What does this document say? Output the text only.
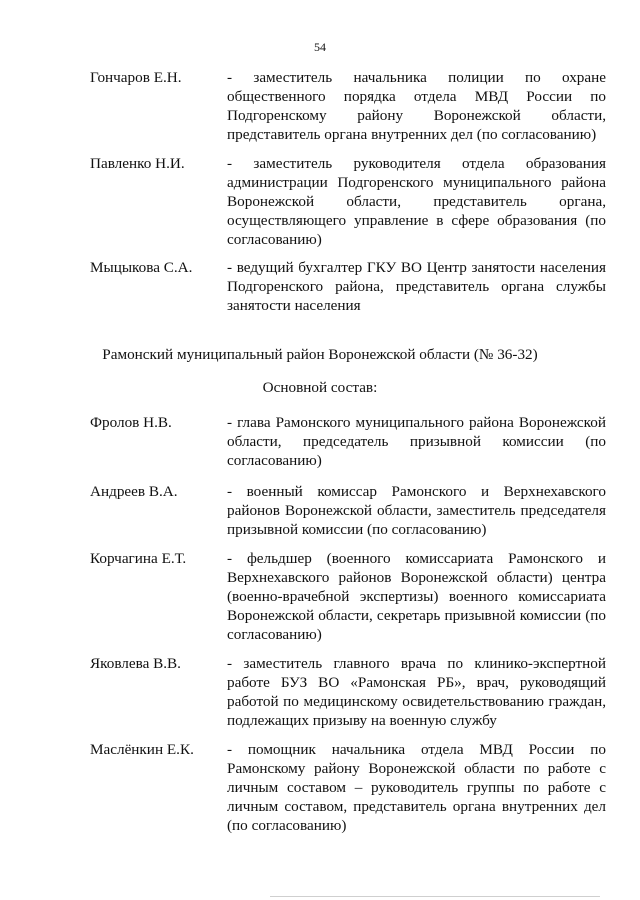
54
Гончаров Е.Н.	- заместитель начальника полиции по охране общественного порядка отдела МВД России по Подгоренскому району Воронежской области, представитель органа внутренних дел (по согласованию)
Павленко Н.И.	- заместитель руководителя отдела образования администрации Подгоренского муниципального района Воронежской области, представитель органа, осуществляющего управление в сфере образования (по согласованию)
Мыцыкова С.А. - ведущий бухгалтер ГКУ ВО Центр занятости населения Подгоренского района, представитель органа службы занятости населения
Рамонский муниципальный район Воронежской области (№ 36-32)
Основной состав:
Фролов Н.В.	- глава Рамонского муниципального района Воронежской области, председатель призывной комиссии (по согласованию)
Андреев В.А.	- военный комиссар Рамонского и Верхнехавского районов Воронежской области, заместитель председателя призывной комиссии (по согласованию)
Корчагина Е.Т.	- фельдшер (военного комиссариата Рамонского и Верхнехавского районов Воронежской области) центра (военно-врачебной экспертизы) военного комиссариата Воронежской области, секретарь призывной комиссии (по согласованию)
Яковлева В.В.	- заместитель главного врача по клинико-экспертной работе БУЗ ВО «Рамонская РБ», врач, руководящий работой по медицинскому освидетельствованию граждан, подлежащих призыву на военную службу
Маслёнкин Е.К. - помощник начальника отдела МВД России по Рамонскому району Воронежской области по работе с личным составом – руководитель группы по работе с личным составом, представитель органа внутренних дел (по согласованию)
